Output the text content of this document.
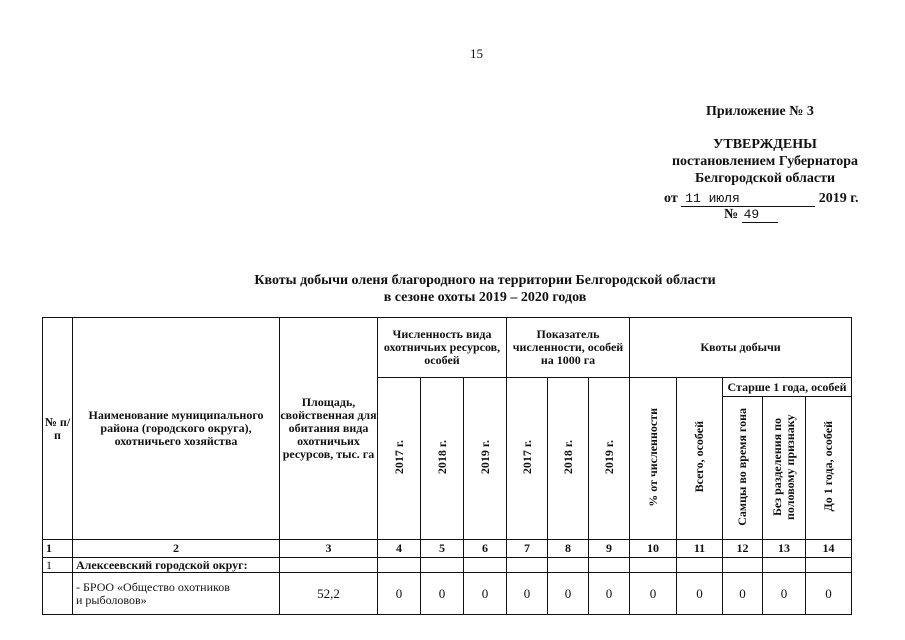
15
Приложение № 3
УТВЕРЖДЕНЫ
постановлением Губернатора
Белгородской области
от 11 июля	2019 г.
№ 49
Квоты добычи оленя благородного на территории Белгородской области
в сезоне охоты 2019 – 2020 годов
№ п/п	Наименование муниципального района (городского округа), охотничьего хозяйства	Площадь, свойственная для обитания вида охотничьих ресурсов, тыс. га	Численность вида охотничьих ресурсов, особей			Показатель численности, особей на 1000 га			Квоты добычи				
			2017 г.	2018 г.	2019 г.	2017 г.	2018 г.	2019 г.	% от численности	Всего, особей	Старше 1 года, особей		
											Самцы во время гона	Без разделения по половому признаку	До 1 года, особей
1	2	3	4	5	6	7	8	9	10	11	12	13	14
1	Алексеевский городской округ:												

	- БРОО «Общество охотников
и рыболовов»	52,2	0	0	0	0	0	0	0	0	0	0	0
